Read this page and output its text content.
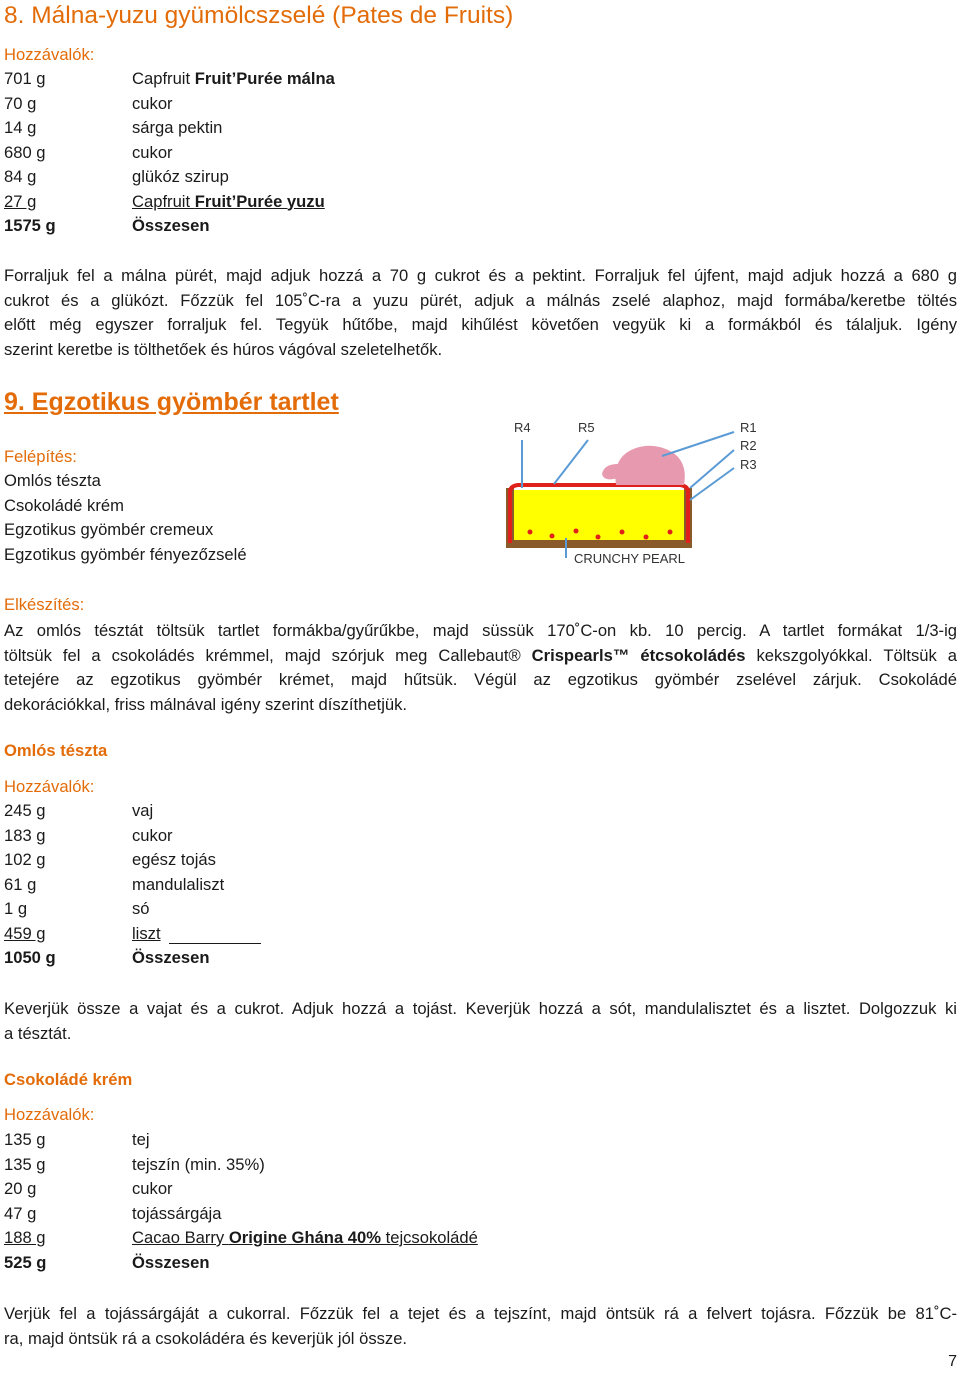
8. Málna-yuzu gyümölcszselé (Pates de Fruits)
Hozzávalók:
701 g	Capfruit Fruit’Purée málna
70 g	cukor
14 g	sárga pektin
680 g	cukor
84 g	glükóz szirup
27 g	Capfruit Fruit’Purée yuzu
1575 g	Összesen
Forraljuk fel a málna pürét, majd adjuk hozzá a 70 g cukrot és a pektint. Forraljuk fel újfent, majd adjuk hozzá a 680 g
cukrot és a glükózt. Főzzük fel 105˚C-ra a yuzu pürét, adjuk a málnás zselé alaphoz, majd formába/keretbe töltés
előtt még egyszer forraljuk fel. Tegyük hűtőbe, majd kihűlést követően vegyük ki a formákból és tálaljuk. Igény
szerint keretbe is tölthetőek és húros vágóval szeletelhetők.
9. Egzotikus gyömbér tartlet
Felépítés:
Omlós tészta
Csokoládé krém
Egzotikus gyömbér cremeux
Egzotikus gyömbér fényezőzselé
R4	R5	R1
R2
R3
CRUNCHY PEARL
Elkészítés:
Az omlós tésztát töltsük tartlet formákba/gyűrűkbe, majd süssük 170˚C-on kb. 10 percig. A tartlet formákat 1/3-ig
töltsük fel a csokoládés krémmel, majd szórjuk meg Callebaut® Crispearls™ étcsokoládés kekszgolyókkal. Töltsük a
tetejére az egzotikus gyömbér krémet, majd hűtsük. Végül az egzotikus gyömbér zselével zárjuk. Csokoládé
dekorációkkal, friss málnával igény szerint díszíthetjük.
Omlós tészta
Hozzávalók:
245 g	vaj
183 g	cukor
102 g	egész tojás
61 g	mandulaliszt
1 g	só
459 g	liszt
1050 g	Összesen
Keverjük össze a vajat és a cukrot. Adjuk hozzá a tojást. Keverjük hozzá a sót, mandulalisztet és a lisztet. Dolgozzuk ki
a tésztát.
Csokoládé krém
Hozzávalók:
135 g	tej
135 g	tejszín (min. 35%)
20 g	cukor
47 g	tojássárgája
188 g	Cacao Barry Origine Ghána 40% tejcsokoládé
525 g	Összesen
Verjük fel a tojássárgáját a cukorral. Főzzük fel a tejet és a tejszínt, majd öntsük rá a felvert tojásra. Főzzük be 81˚C-
ra, majd öntsük rá a csokoládéra és keverjük jól össze.
7
